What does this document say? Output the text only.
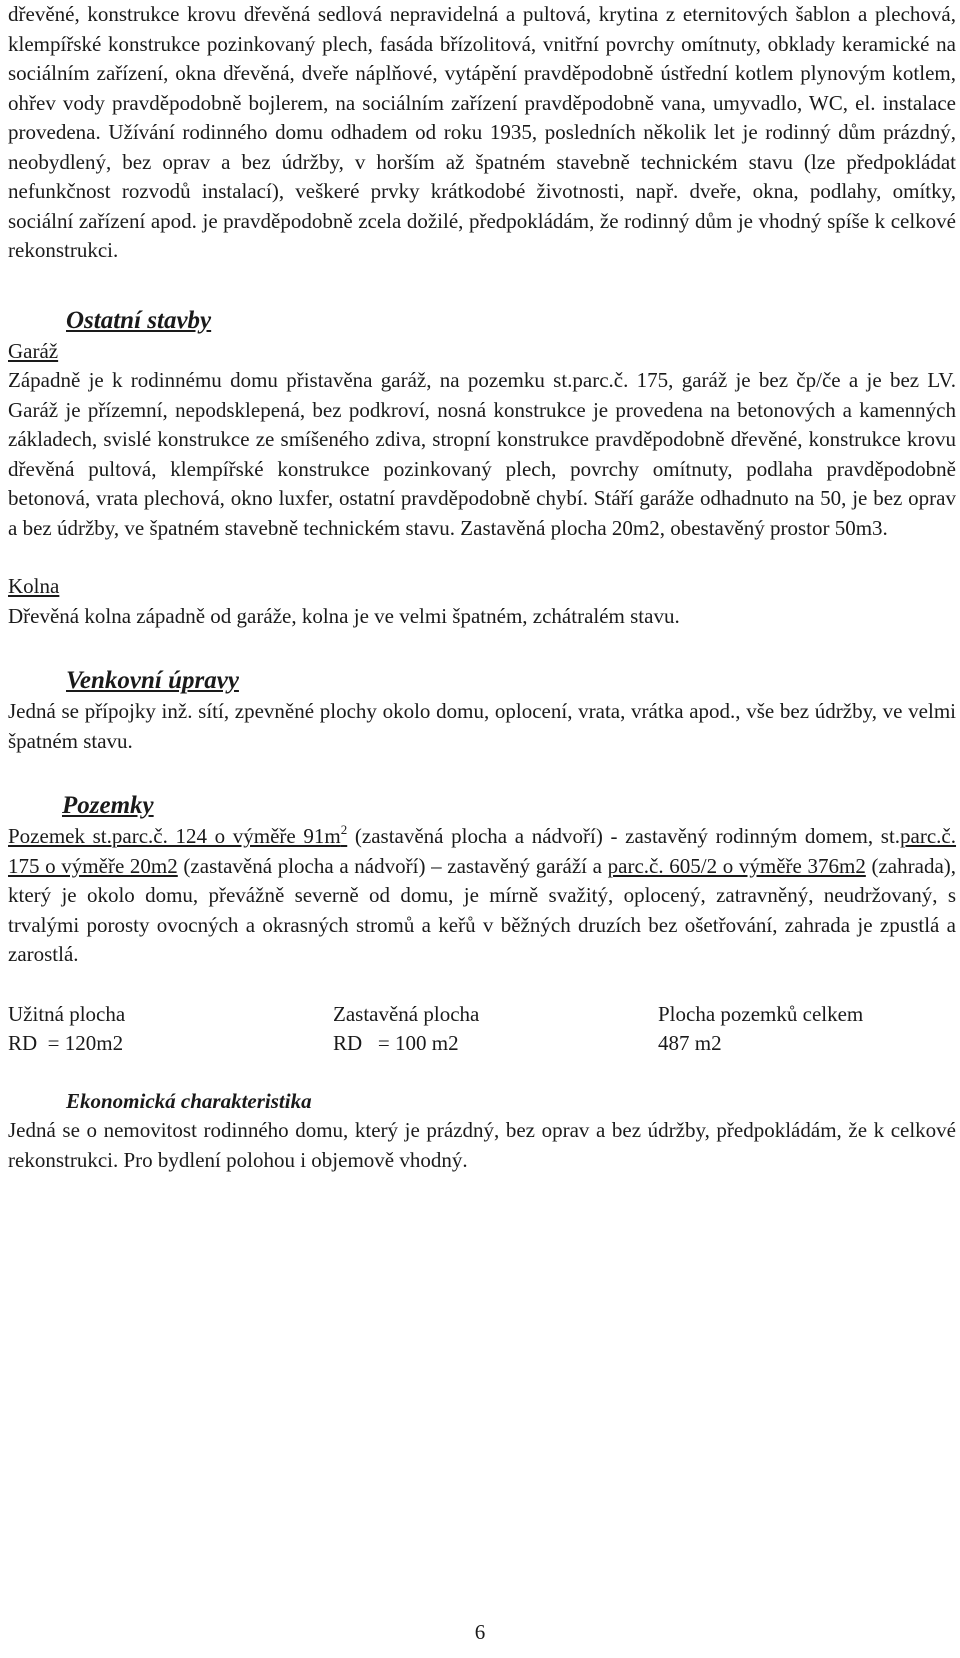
dřevěné, konstrukce krovu dřevěná sedlová nepravidelná a pultová, krytina z eternitových šablon a plechová, klempířské konstrukce pozinkovaný plech, fasáda břízolitová, vnitřní povrchy omítnuty, obklady keramické na sociálním zařízení, okna dřevěná, dveře náplňové, vytápění pravděpodobně ústřední kotlem plynovým kotlem, ohřev vody pravděpodobně bojlerem, na sociálním zařízení pravděpodobně vana, umyvadlo, WC, el. instalace provedena. Užívání rodinného domu odhadem od roku 1935, posledních několik let je rodinný dům prázdný, neobydlený, bez oprav a bez údržby, v horším až špatném stavebně technickém stavu (lze předpokládat nefunkčnost rozvodů instalací), veškeré prvky krátkodobé životnosti, např. dveře, okna, podlahy, omítky, sociální zařízení apod. je pravděpodobně zcela dožilé, předpokládám, že rodinný dům je vhodný spíše k celkové rekonstrukci.

Ostatní stavby
Garáž

Západně je k rodinnému domu přistavěna garáž, na pozemku st.parc.č. 175, garáž je bez čp/če a je bez LV. Garáž je přízemní, nepodsklepená, bez podkroví, nosná konstrukce je provedena na betonových a kamenných základech, svislé konstrukce ze smíšeného zdiva, stropní konstrukce pravděpodobně dřevěné, konstrukce krovu dřevěná pultová, klempířské konstrukce pozinkovaný plech, povrchy omítnuty, podlaha pravděpodobně betonová, vrata plechová, okno luxfer, ostatní pravděpodobně chybí. Stáří garáže odhadnuto na 50, je bez oprav a bez údržby, ve špatném stavebně technickém stavu. Zastavěná plocha 20m2, obestavěný prostor 50m3.

Kolna

Dřevěná kolna západně od garáže, kolna je ve velmi špatném, zchátralém stavu.

Venkovní úpravy

Jedná se přípojky inž. sítí, zpevněné plochy okolo domu, oplocení, vrata, vrátka apod., vše bez údržby, ve velmi špatném stavu.

Pozemky

Pozemek st.parc.č. 124 o výměře $91m^2$ (zastavěná plocha a nádvoří) - zastavěný rodinným domem, st.parc.č. 175 o výměře 20m2 (zastavěná plocha a nádvoří) – zastavěný garáží a parc.č. 605/2 o výměře 376m2 (zahrada), který je okolo domu, převážně severně od domu, je mírně svažitý, oplocený, zatravněný, neudržovaný, s trvalými porosty ovocných a okrasných stromů a keřů v běžných druzích bez ošetřování, zahrada je zpustlá a zarostlá.

Užitná plocha	Zastavěná plocha	Plocha pozemků celkem
RD  = 120m2	RD   = 100 m2	487 m2
Ekonomická charakteristika

Jedná se o nemovitost rodinného domu, který je prázdný, bez oprav a bez údržby, předpokládám, že k celkové rekonstrukci. Pro bydlení polohou i objemově vhodný.

6
